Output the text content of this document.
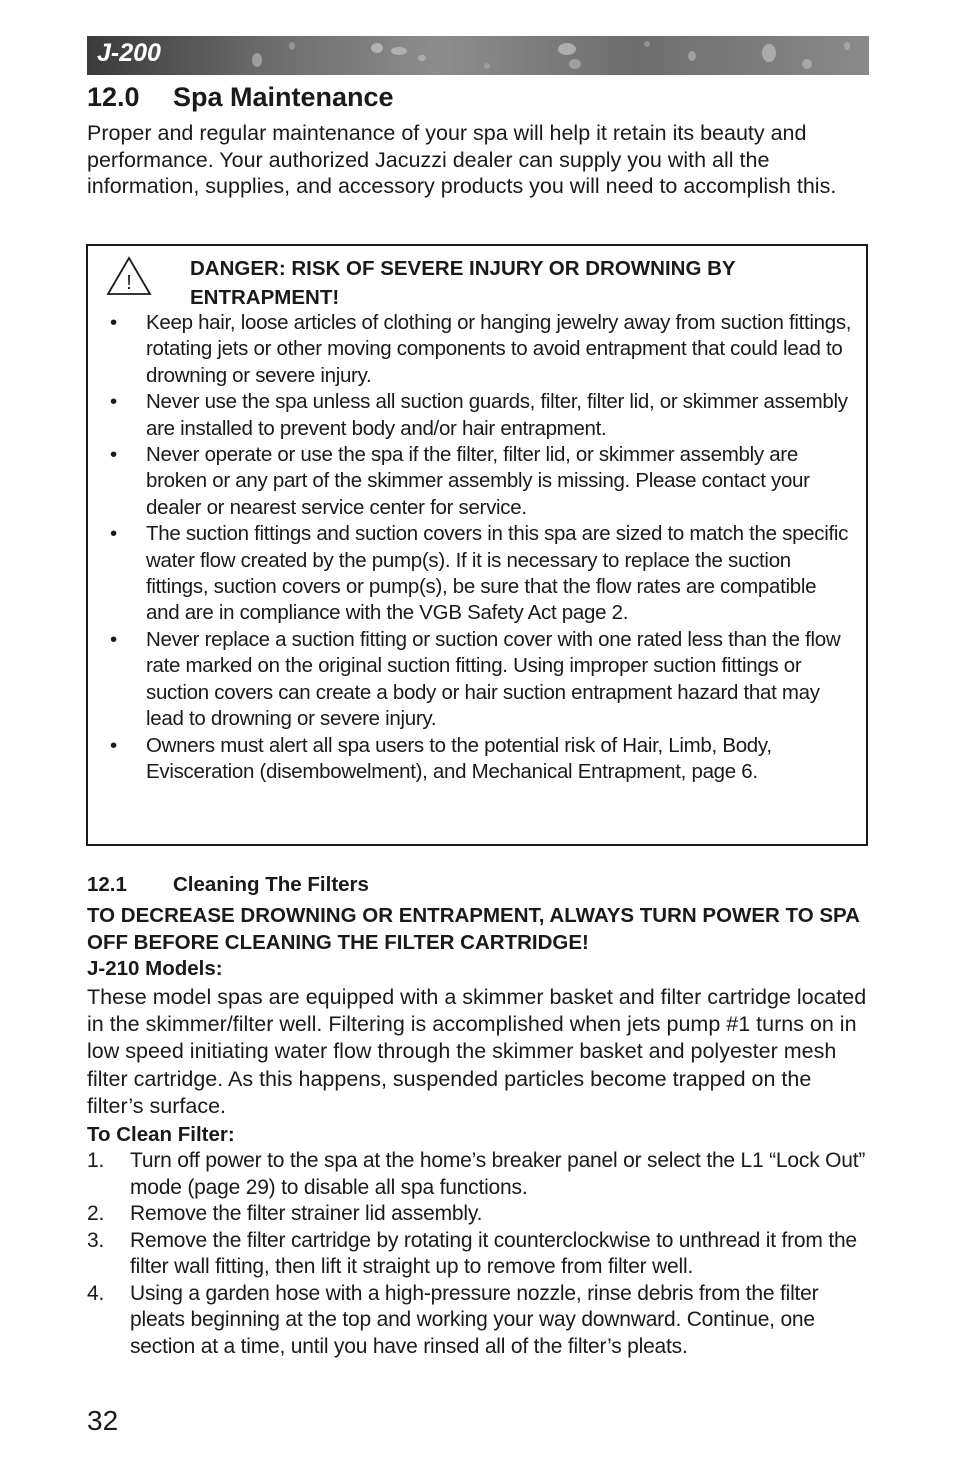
J-200
12.0 Spa Maintenance

Proper and regular maintenance of your spa will help it retain its beauty and performance. Your authorized Jacuzzi dealer can supply you with all the information, supplies, and accessory products you will need to accomplish this.

!
DANGER: RISK OF SEVERE INJURY OR DROWNING BY ENTRAPMENT!
• Keep hair, loose articles of clothing or hanging jewelry away from suction fittings, rotating jets or other moving components to avoid entrapment that could lead to drowning or severe injury.
• Never use the spa unless all suction guards, filter, filter lid, or skimmer assembly are installed to prevent body and/or hair entrapment.
• Never operate or use the spa if the filter, filter lid, or skimmer assembly are broken or any part of the skimmer assembly is missing. Please contact your dealer or nearest service center for service.
• The suction fittings and suction covers in this spa are sized to match the specific water flow created by the pump(s). If it is necessary to replace the suction fittings, suction covers or pump(s), be sure that the flow rates are compatible and are in compliance with the VGB Safety Act page 2.
• Never replace a suction fitting or suction cover with one rated less than the flow rate marked on the original suction fitting. Using improper suction fittings or suction covers can create a body or hair suction entrapment hazard that may lead to drowning or severe injury.
• Owners must alert all spa users to the potential risk of Hair, Limb, Body, Evisceration (disembowelment), and Mechanical Entrapment, page 6.
12.1 Cleaning The Filters
TO DECREASE DROWNING OR ENTRAPMENT, ALWAYS TURN POWER TO SPA OFF BEFORE CLEANING THE FILTER CARTRIDGE!
J-210 Models:

These model spas are equipped with a skimmer basket and filter cartridge located in the skimmer/filter well. Filtering is accomplished when jets pump #1 turns on in low speed initiating water flow through the skimmer basket and polyester mesh filter cartridge. As this happens, suspended particles become trapped on the filter’s surface.

To Clean Filter:
1. Turn off power to the spa at the home’s breaker panel or select the L1 “Lock Out” mode (page 29) to disable all spa functions.
2. Remove the filter strainer lid assembly.
3. Remove the filter cartridge by rotating it counterclockwise to unthread it from the filter wall fitting, then lift it straight up to remove from filter well.
4. Using a garden hose with a high-pressure nozzle, rinse debris from the filter pleats beginning at the top and working your way downward. Continue, one section at a time, until you have rinsed all of the filter’s pleats.
32
